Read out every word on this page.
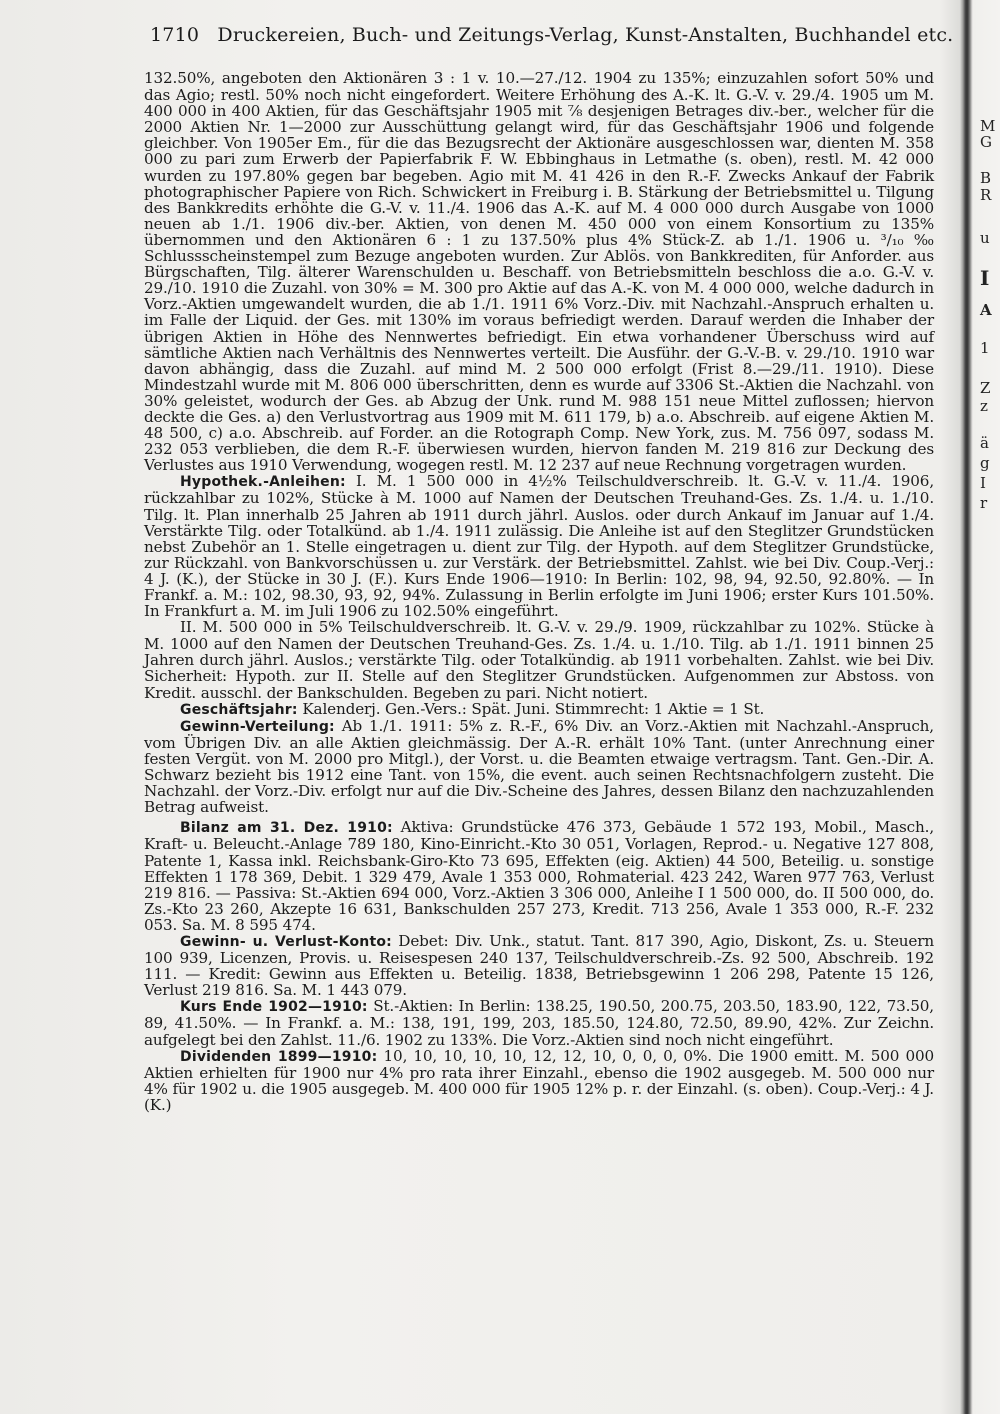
1710 Druckereien, Buch- und Zeitungs-Verlag, Kunst-Anstalten, Buchhandel etc.

132.50%, angeboten den Aktionären 3 : 1 v. 10.—27./12. 1904 zu 135%; einzuzahlen sofort 50% und das Agio; restl. 50% noch nicht eingefordert. Weitere Erhöhung des A.-K. lt. G.-V. v. 29./4. 1905 um M. 400 000 in 400 Aktien, für das Geschäftsjahr 1905 mit ⅞ desjenigen Betrages div.-ber., welcher für die 2000 Aktien Nr. 1—2000 zur Ausschüttung gelangt wird, für das Geschäftsjahr 1906 und folgende gleichber. Von 1905er Em., für die das Bezugsrecht der Aktionäre ausgeschlossen war, dienten M. 358 000 zu pari zum Erwerb der Papierfabrik F. W. Ebbinghaus in Letmathe (s. oben), restl. M. 42 000 wurden zu 197.80% gegen bar begeben. Agio mit M. 41 426 in den R.-F. Zwecks Ankauf der Fabrik photographischer Papiere von Rich. Schwickert in Freiburg i. B. Stärkung der Betriebsmittel u. Tilgung des Bankkredits erhöhte die G.-V. v. 11./4. 1906 das A.-K. auf M. 4 000 000 durch Ausgabe von 1000 neuen ab 1./1. 1906 div.-ber. Aktien, von denen M. 450 000 von einem Konsortium zu 135% übernommen und den Aktionären 6 : 1 zu 137.50% plus 4% Stück-Z. ab 1./1. 1906 u. ³/₁₀ ‰ Schlussscheinstempel zum Bezuge angeboten wurden. Zur Ablös. von Bankkrediten, für Anforder. aus Bürgschaften, Tilg. älterer Warenschulden u. Beschaff. von Betriebsmitteln beschloss die a.o. G.-V. v. 29./10. 1910 die Zuzahl. von 30% = M. 300 pro Aktie auf das A.-K. von M. 4 000 000, welche dadurch in Vorz.-Aktien umgewandelt wurden, die ab 1./1. 1911 6% Vorz.-Div. mit Nachzahl.-Anspruch erhalten u. im Falle der Liquid. der Ges. mit 130% im voraus befriedigt werden. Darauf werden die Inhaber der übrigen Aktien in Höhe des Nennwertes befriedigt. Ein etwa vorhandener Überschuss wird auf sämtliche Aktien nach Verhältnis des Nennwertes verteilt. Die Ausführ. der G.-V.-B. v. 29./10. 1910 war davon abhängig, dass die Zuzahl. auf mind M. 2 500 000 erfolgt (Frist 8.—29./11. 1910). Diese Mindestzahl wurde mit M. 806 000 überschritten, denn es wurde auf 3306 St.-Aktien die Nachzahl. von 30% geleistet, wodurch der Ges. ab Abzug der Unk. rund M. 988 151 neue Mittel zuflossen; hiervon deckte die Ges. a) den Verlustvortrag aus 1909 mit M. 611 179, b) a.o. Abschreib. auf eigene Aktien M. 48 500, c) a.o. Abschreib. auf Forder. an die Rotograph Comp. New York, zus. M. 756 097, sodass M. 232 053 verblieben, die dem R.-F. überwiesen wurden, hiervon fanden M. 219 816 zur Deckung des Verlustes aus 1910 Verwendung, wogegen restl. M. 12 237 auf neue Rechnung vorgetragen wurden.

Hypothek.-Anleihen: I. M. 1 500 000 in 4½% Teilschuldverschreib. lt. G.-V. v. 11./4. 1906, rückzahlbar zu 102%, Stücke à M. 1000 auf Namen der Deutschen Treuhand-Ges. Zs. 1./4. u. 1./10. Tilg. lt. Plan innerhalb 25 Jahren ab 1911 durch jährl. Auslos. oder durch Ankauf im Januar auf 1./4. Verstärkte Tilg. oder Totalkünd. ab 1./4. 1911 zulässig. Die Anleihe ist auf den Steglitzer Grundstücken nebst Zubehör an 1. Stelle eingetragen u. dient zur Tilg. der Hypoth. auf dem Steglitzer Grundstücke, zur Rückzahl. von Bankvorschüssen u. zur Verstärk. der Betriebsmittel. Zahlst. wie bei Div. Coup.-Verj.: 4 J. (K.), der Stücke in 30 J. (F.). Kurs Ende 1906—1910: In Berlin: 102, 98, 94, 92.50, 92.80%. — In Frankf. a. M.: 102, 98.30, 93, 92, 94%. Zulassung in Berlin erfolgte im Juni 1906; erster Kurs 101.50%. In Frankfurt a. M. im Juli 1906 zu 102.50% eingeführt.

II. M. 500 000 in 5% Teilschuldverschreib. lt. G.-V. v. 29./9. 1909, rückzahlbar zu 102%. Stücke à M. 1000 auf den Namen der Deutschen Treuhand-Ges. Zs. 1./4. u. 1./10. Tilg. ab 1./1. 1911 binnen 25 Jahren durch jährl. Auslos.; verstärkte Tilg. oder Totalkündig. ab 1911 vorbehalten. Zahlst. wie bei Div. Sicherheit: Hypoth. zur II. Stelle auf den Steglitzer Grundstücken. Aufgenommen zur Abstoss. von Kredit. ausschl. der Bankschulden. Begeben zu pari. Nicht notiert.

Geschäftsjahr: Kalenderj. Gen.-Vers.: Spät. Juni. Stimmrecht: 1 Aktie = 1 St.

Gewinn-Verteilung: Ab 1./1. 1911: 5% z. R.-F., 6% Div. an Vorz.-Aktien mit Nachzahl.-Anspruch, vom Übrigen Div. an alle Aktien gleichmässig. Der A.-R. erhält 10% Tant. (unter Anrechnung einer festen Vergüt. von M. 2000 pro Mitgl.), der Vorst. u. die Beamten etwaige vertragsm. Tant. Gen.-Dir. A. Schwarz bezieht bis 1912 eine Tant. von 15%, die event. auch seinen Rechtsnachfolgern zusteht. Die Nachzahl. der Vorz.-Div. erfolgt nur auf die Div.-Scheine des Jahres, dessen Bilanz den nachzuzahlenden Betrag aufweist.

Bilanz am 31. Dez. 1910: Aktiva: Grundstücke 476 373, Gebäude 1 572 193, Mobil., Masch., Kraft- u. Beleucht.-Anlage 789 180, Kino-Einricht.-Kto 30 051, Vorlagen, Reprod.- u. Negative 127 808, Patente 1, Kassa inkl. Reichsbank-Giro-Kto 73 695, Effekten (eig. Aktien) 44 500, Beteilig. u. sonstige Effekten 1 178 369, Debit. 1 329 479, Avale 1 353 000, Rohmaterial. 423 242, Waren 977 763, Verlust 219 816. — Passiva: St.-Aktien 694 000, Vorz.-Aktien 3 306 000, Anleihe I 1 500 000, do. II 500 000, do. Zs.-Kto 23 260, Akzepte 16 631, Bankschulden 257 273, Kredit. 713 256, Avale 1 353 000, R.-F. 232 053. Sa. M. 8 595 474.

Gewinn- u. Verlust-Konto: Debet: Div. Unk., statut. Tant. 817 390, Agio, Diskont, Zs. u. Steuern 100 939, Licenzen, Provis. u. Reisespesen 240 137, Teilschuldverschreib.-Zs. 92 500, Abschreib. 192 111. — Kredit: Gewinn aus Effekten u. Beteilig. 1838, Betriebsgewinn 1 206 298, Patente 15 126, Verlust 219 816. Sa. M. 1 443 079.

Kurs Ende 1902—1910: St.-Aktien: In Berlin: 138.25, 190.50, 200.75, 203.50, 183.90, 122, 73.50, 89, 41.50%. — In Frankf. a. M.: 138, 191, 199, 203, 185.50, 124.80, 72.50, 89.90, 42%. Zur Zeichn. aufgelegt bei den Zahlst. 11./6. 1902 zu 133%. Die Vorz.-Aktien sind noch nicht eingeführt.

Dividenden 1899—1910: 10, 10, 10, 10, 10, 12, 12, 10, 0, 0, 0, 0%. Die 1900 emitt. M. 500 000 Aktien erhielten für 1900 nur 4% pro rata ihrer Einzahl., ebenso die 1902 ausgegeb. M. 500 000 nur 4% für 1902 u. die 1905 ausgegeb. M. 400 000 für 1905 12% p. r. der Einzahl. (s. oben). Coup.-Verj.: 4 J. (K.)

M
G
B
R
u
I
A
1
Z
z
ä
g
I
r
